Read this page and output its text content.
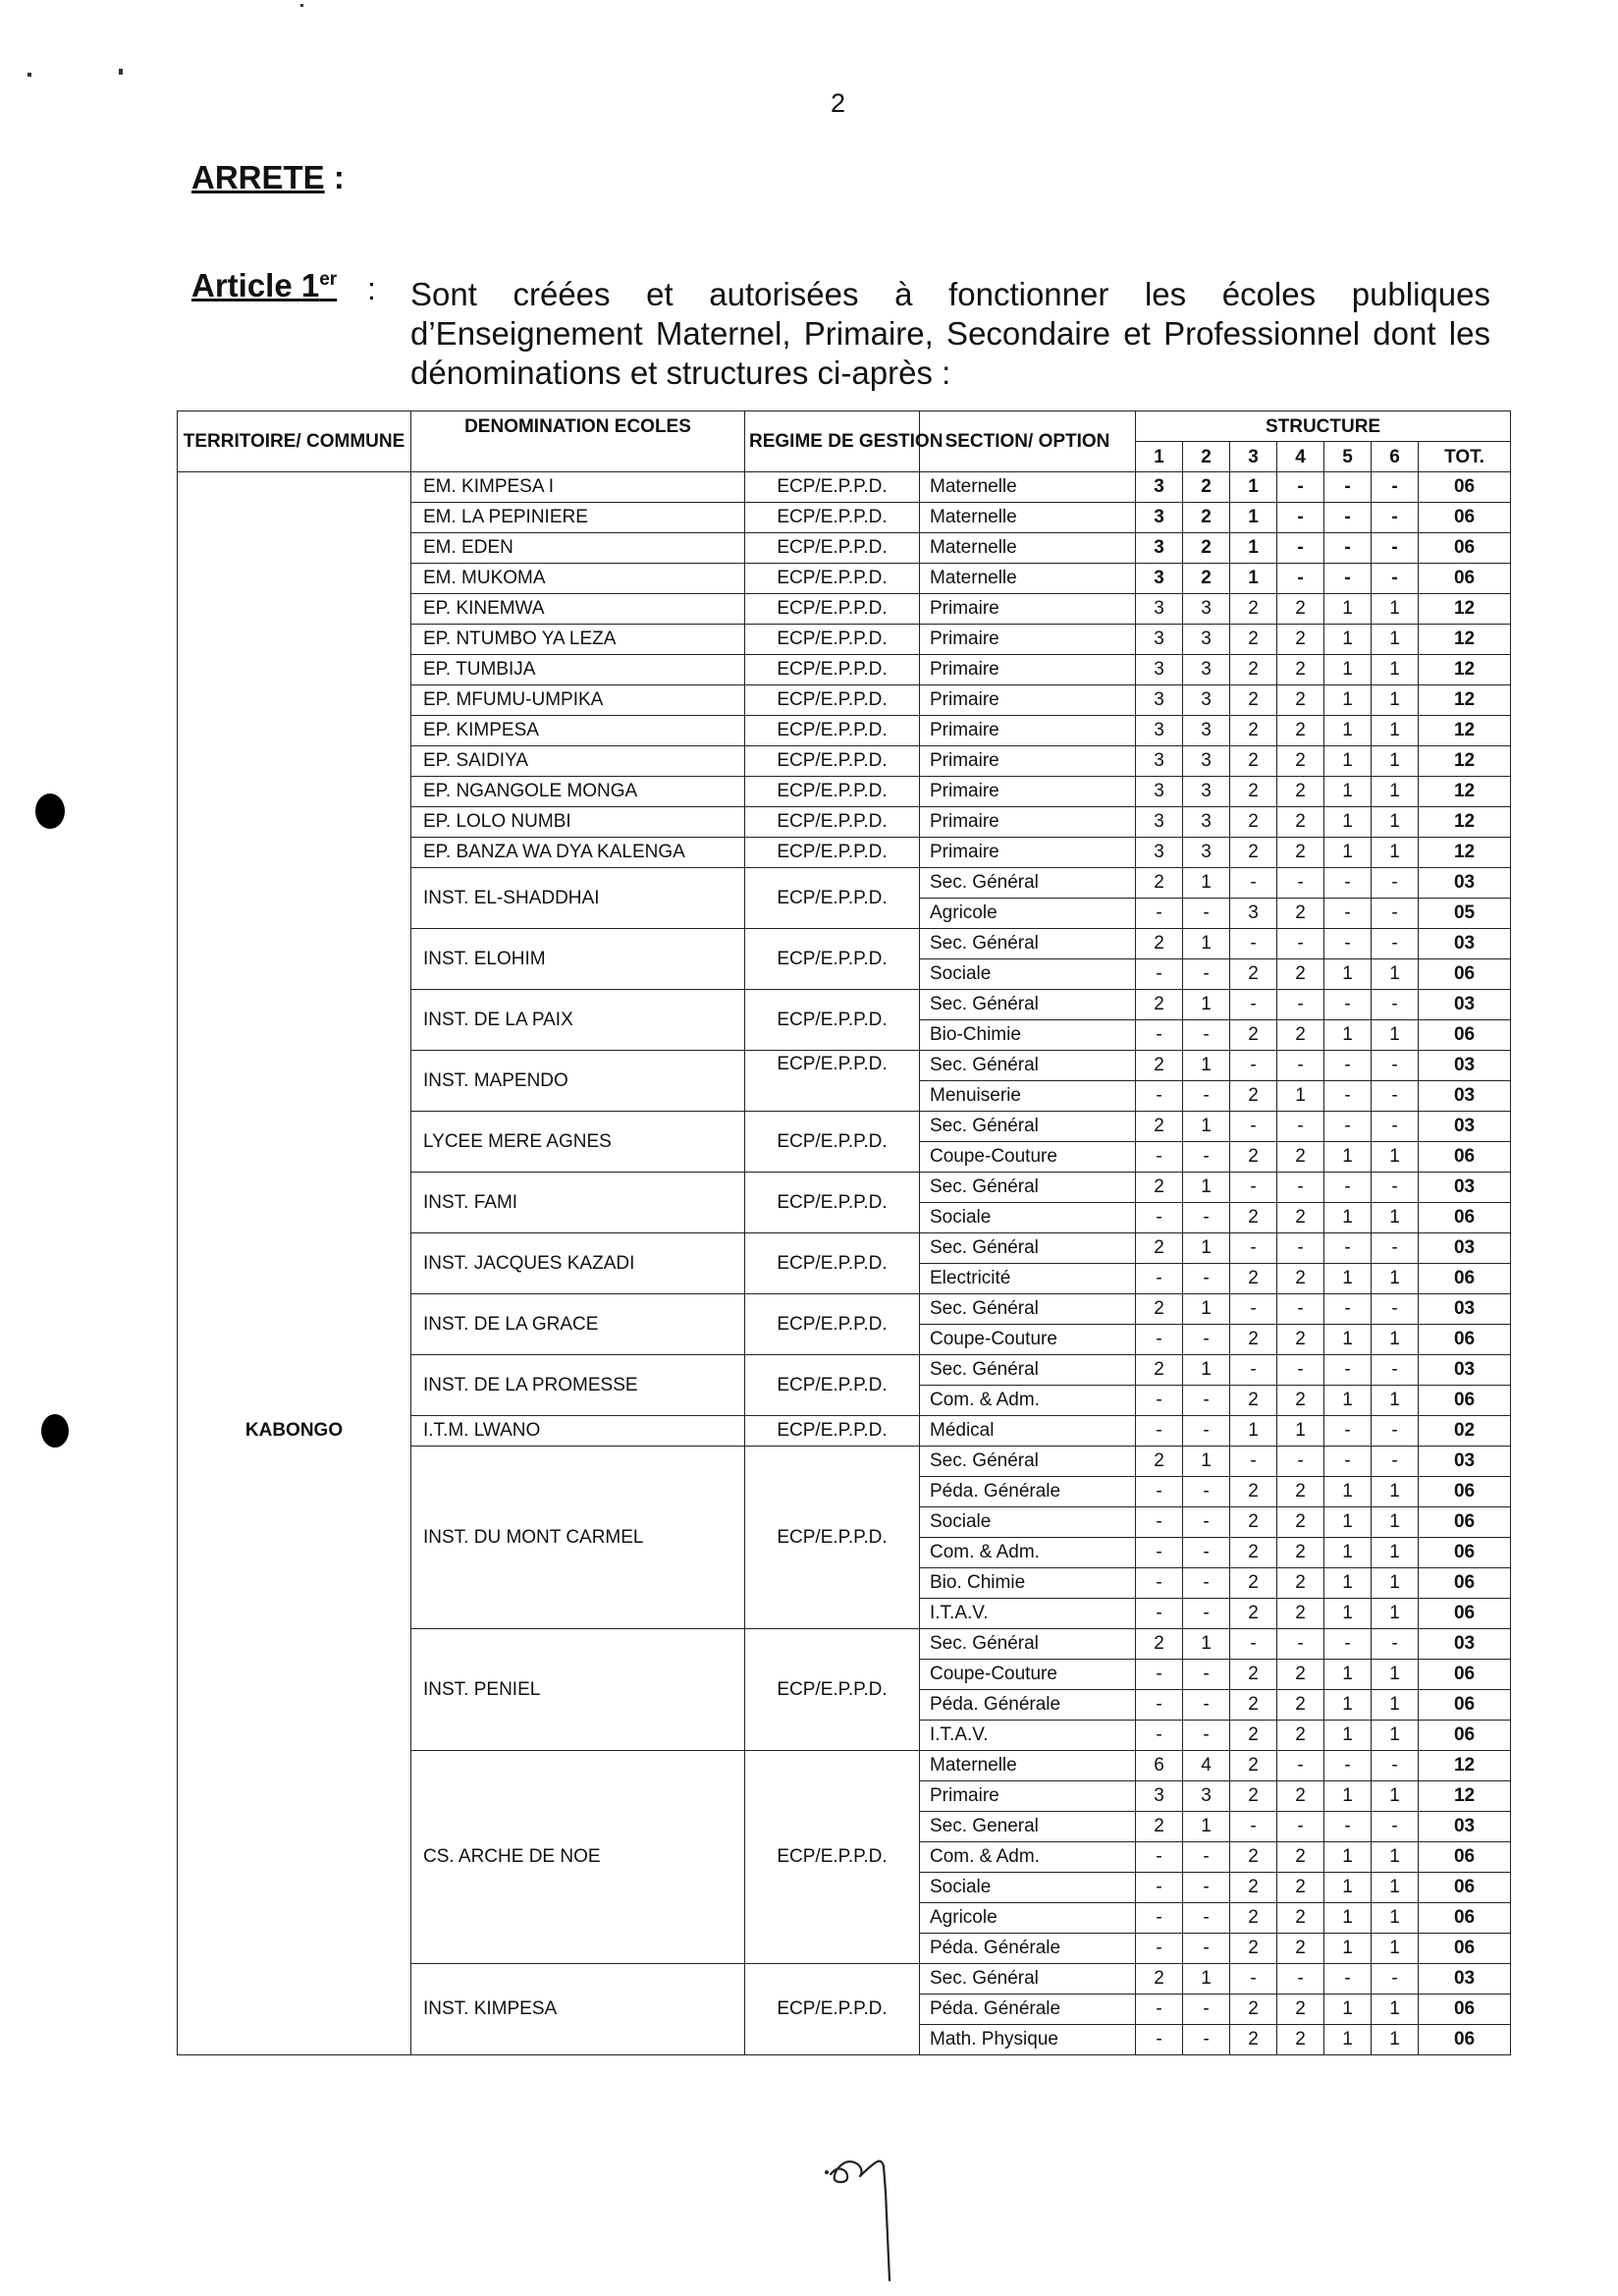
2
ARRETE :
Article 1er : Sont créées et autorisées à fonctionner les écoles publiques
d’Enseignement Maternel, Primaire, Secondaire et Professionnel dont les
dénominations et structures ci-après :
TERRITOIRE/ COMMUNE	DENOMINATION ECOLES	REGIME DE GESTION	SECTION/ OPTION	STRUCTURE						
				1	2	3	4	5	6	TOT.
KABONGO	EM. KIMPESA I	ECP/E.P.P.D.	Maternelle	3	2	1	-	-	-	06
	EM. LA PEPINIERE	ECP/E.P.P.D.	Maternelle	3	2	1	-	-	-	06
	EM. EDEN	ECP/E.P.P.D.	Maternelle	3	2	1	-	-	-	06
	EM. MUKOMA	ECP/E.P.P.D.	Maternelle	3	2	1	-	-	-	06
	EP. KINEMWA	ECP/E.P.P.D.	Primaire	3	3	2	2	1	1	12
	EP. NTUMBO YA LEZA	ECP/E.P.P.D.	Primaire	3	3	2	2	1	1	12
	EP. TUMBIJA	ECP/E.P.P.D.	Primaire	3	3	2	2	1	1	12
	EP. MFUMU-UMPIKA	ECP/E.P.P.D.	Primaire	3	3	2	2	1	1	12
	EP. KIMPESA	ECP/E.P.P.D.	Primaire	3	3	2	2	1	1	12
	EP. SAIDIYA	ECP/E.P.P.D.	Primaire	3	3	2	2	1	1	12
	EP. NGANGOLE MONGA	ECP/E.P.P.D.	Primaire	3	3	2	2	1	1	12
	EP. LOLO NUMBI	ECP/E.P.P.D.	Primaire	3	3	2	2	1	1	12
	EP. BANZA WA DYA KALENGA	ECP/E.P.P.D.	Primaire	3	3	2	2	1	1	12
	INST. EL-SHADDHAI	ECP/E.P.P.D.	Sec. Général	2	1	-	-	-	-	03
			Agricole	-	-	3	2	-	-	05
	INST. ELOHIM	ECP/E.P.P.D.	Sec. Général	2	1	-	-	-	-	03
			Sociale	-	-	2	2	1	1	06
	INST. DE LA PAIX	ECP/E.P.P.D.	Sec. Général	2	1	-	-	-	-	03
			Bio-Chimie	-	-	2	2	1	1	06
	INST. MAPENDO	ECP/E.P.P.D.	Sec. Général	2	1	-	-	-	-	03
			Menuiserie	-	-	2	1	-	-	03
	LYCEE MERE AGNES	ECP/E.P.P.D.	Sec. Général	2	1	-	-	-	-	03
			Coupe-Couture	-	-	2	2	1	1	06
	INST. FAMI	ECP/E.P.P.D.	Sec. Général	2	1	-	-	-	-	03
			Sociale	-	-	2	2	1	1	06
	INST. JACQUES KAZADI	ECP/E.P.P.D.	Sec. Général	2	1	-	-	-	-	03
			Electricité	-	-	2	2	1	1	06
	INST. DE LA GRACE	ECP/E.P.P.D.	Sec. Général	2	1	-	-	-	-	03
			Coupe-Couture	-	-	2	2	1	1	06
	INST. DE LA PROMESSE	ECP/E.P.P.D.	Sec. Général	2	1	-	-	-	-	03
			Com. & Adm.	-	-	2	2	1	1	06
	I.T.M. LWANO	ECP/E.P.P.D.	Médical	-	-	1	1	-	-	02
	INST. DU MONT CARMEL	ECP/E.P.P.D.	Sec. Général	2	1	-	-	-	-	03
			Péda. Générale	-	-	2	2	1	1	06
			Sociale	-	-	2	2	1	1	06
			Com. & Adm.	-	-	2	2	1	1	06
			Bio. Chimie	-	-	2	2	1	1	06
			I.T.A.V.	-	-	2	2	1	1	06
	INST. PENIEL	ECP/E.P.P.D.	Sec. Général	2	1	-	-	-	-	03
			Coupe-Couture	-	-	2	2	1	1	06
			Péda. Générale	-	-	2	2	1	1	06
			I.T.A.V.	-	-	2	2	1	1	06
	CS. ARCHE DE NOE	ECP/E.P.P.D.	Maternelle	6	4	2	-	-	-	12
			Primaire	3	3	2	2	1	1	12
			Sec. General	2	1	-	-	-	-	03
			Com. & Adm.	-	-	2	2	1	1	06
			Sociale	-	-	2	2	1	1	06
			Agricole	-	-	2	2	1	1	06
			Péda. Générale	-	-	2	2	1	1	06
	INST. KIMPESA	ECP/E.P.P.D.	Sec. Général	2	1	-	-	-	-	03
			Péda. Générale	-	-	2	2	1	1	06
			Math. Physique	-	-	2	2	1	1	06
